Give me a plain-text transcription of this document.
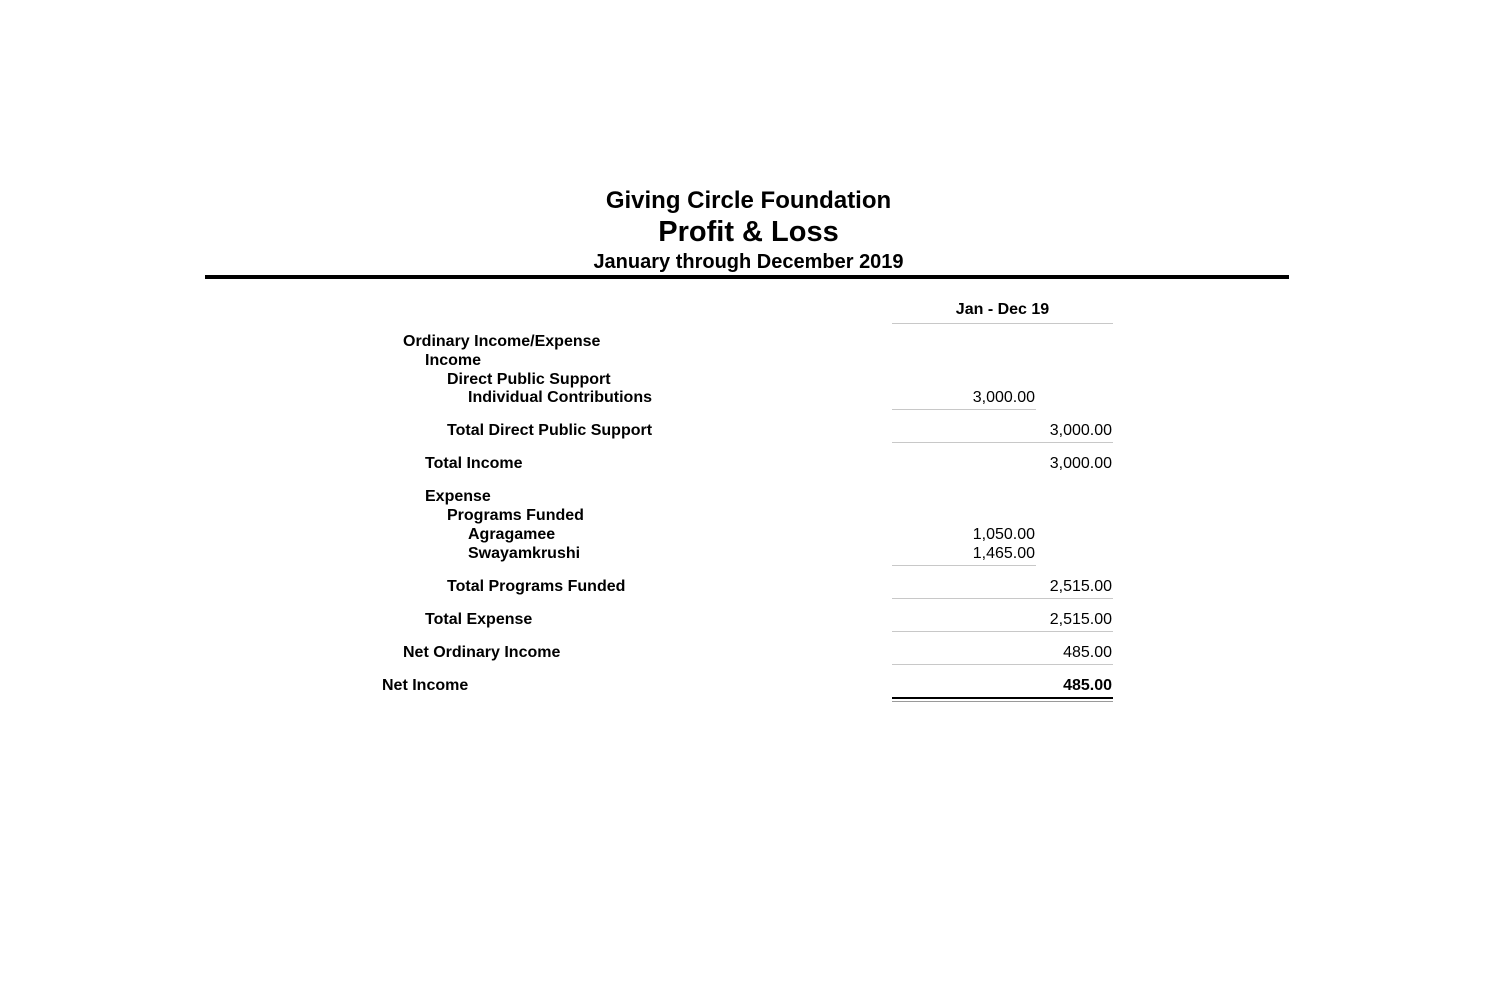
Giving Circle Foundation
Profit & Loss
January through December 2019
Jan - Dec 19
Ordinary Income/Expense
Income
Direct Public Support
Individual Contributions	3,000.00
Total Direct Public Support	3,000.00
Total Income	3,000.00
Expense
Programs Funded
Agragamee	1,050.00
Swayamkrushi	1,465.00
Total Programs Funded	2,515.00
Total Expense	2,515.00
Net Ordinary Income	485.00
Net Income	485.00
